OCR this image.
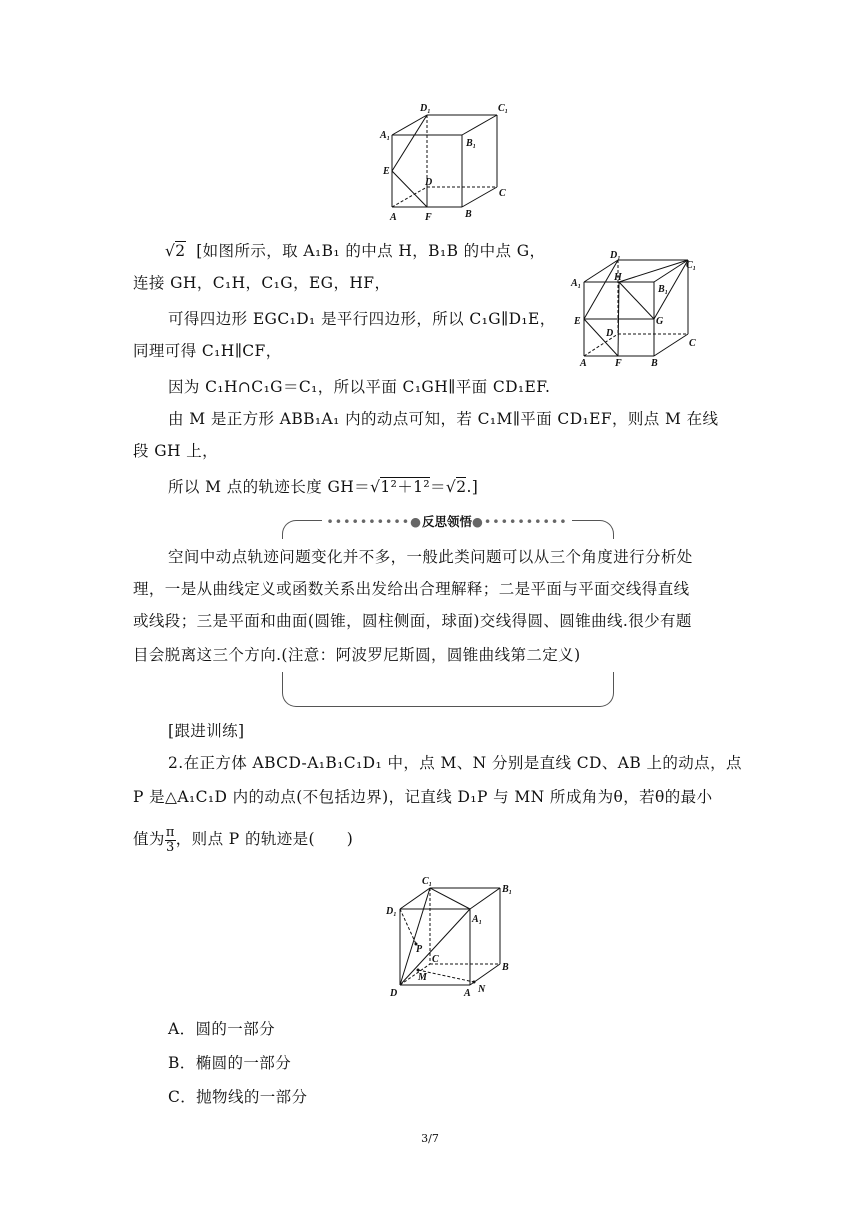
D₁	C₁
A₁
B₁
E
D
C
A	F	B
D₁
C₁
A₁
H
B₁
E	G
D
C
A	F	B
√2 [如图所示，取 A₁B₁ 的中点 H，B₁B 的中点 G，
连接 GH，C₁H，C₁G，EG，HF，
可得四边形 EGC₁D₁ 是平行四边形，所以 C₁G∥D₁E，
同理可得 C₁H∥CF，
因为 C₁H∩C₁G＝C₁，所以平面 C₁GH∥平面 CD₁EF.
由 M 是正方形 ABB₁A₁ 内的动点可知，若 C₁M∥平面 CD₁EF，则点 M 在线
段 GH 上，
所以 M 点的轨迹长度 GH＝√1²＋1²＝√2.]
••••••••••●反思领悟●••••••••••
空间中动点轨迹问题变化并不多，一般此类问题可以从三个角度进行分析处
理，一是从曲线定义或函数关系出发给出合理解释；二是平面与平面交线得直线
或线段；三是平面和曲面(圆锥，圆柱侧面，球面)交线得圆、圆锥曲线.很少有题
目会脱离这三个方向.(注意：阿波罗尼斯圆，圆锥曲线第二定义)
[跟进训练]
2.在正方体 ABCD-A₁B₁C₁D₁ 中，点 M、N 分别是直线 CD、AB 上的动点，点
P 是△A₁C₁D 内的动点(不包括边界)，记直线 D₁P 与 MN 所成角为θ，若θ的最小
值为 $\frac{\pi}{3}$ ，则点 P 的轨迹是(　　)
C₁
B₁
D₁
A₁
P
C
B
M
D	A N
A．圆的一部分
B．椭圆的一部分
C．抛物线的一部分
3/7
